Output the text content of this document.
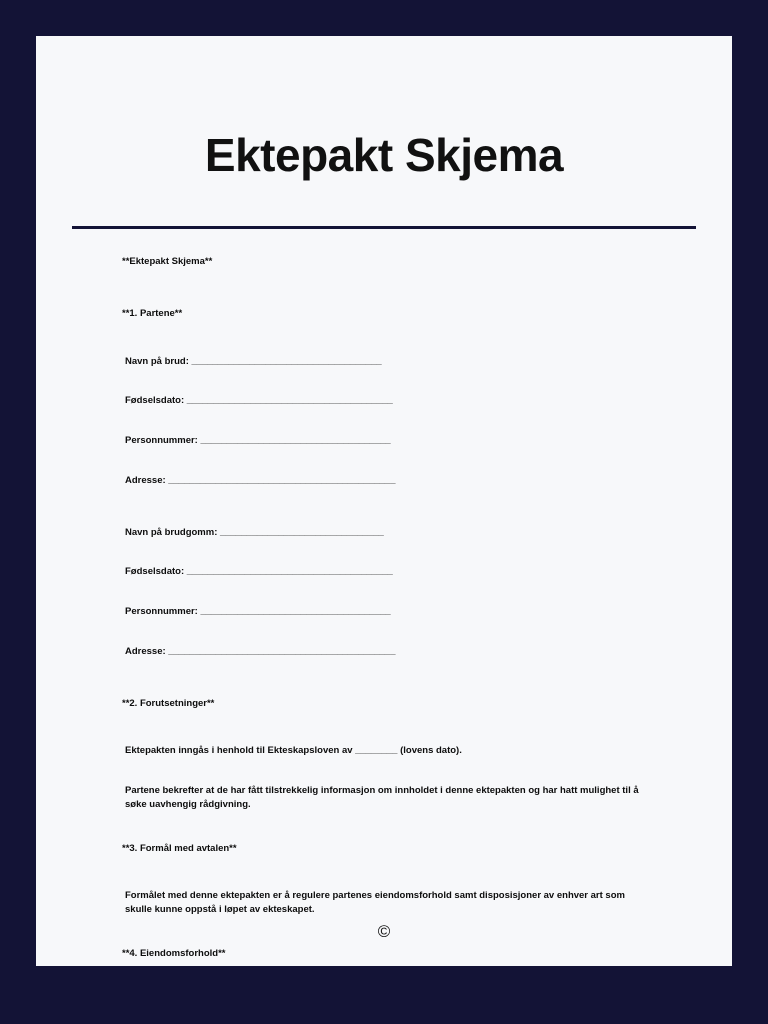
Ektepakt Skjema

**Ektepakt Skjema**

**1. Partene**

Navn på brud: ____________________________________

Fødselsdato: _______________________________________

Personnummer: ____________________________________

Adresse: ___________________________________________

Navn på brudgomm: _______________________________

Fødselsdato: _______________________________________

Personnummer: ____________________________________

Adresse: ___________________________________________

**2. Forutsetninger**

Ektepakten inngås i henhold til Ekteskapsloven av ________ (lovens dato).

Partene bekrefter at de har fått tilstrekkelig informasjon om innholdet i denne ektepakten og har hatt mulighet til å søke uavhengig rådgivning.

**3. Formål med avtalen**

Formålet med denne ektepakten er å regulere partenes eiendomsforhold samt disposisjoner av enhver art som skulle kunne oppstå i løpet av ekteskapet.

**4. Eiendomsforhold**

©
